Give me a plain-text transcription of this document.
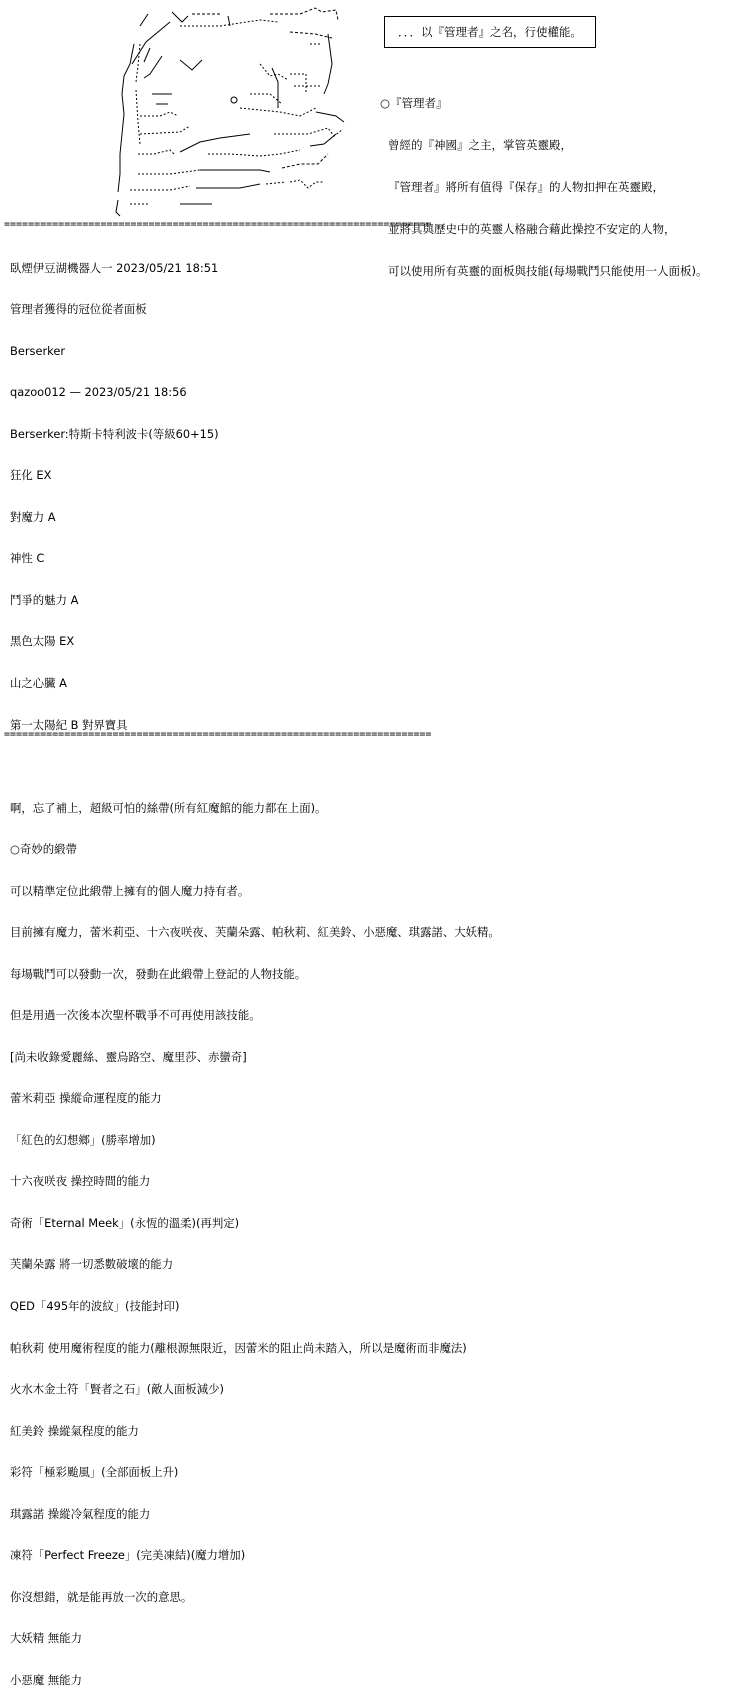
．．．以『管理者』之名，行使權能。

○『管理者』

曾經的『神國』之主，掌管英靈殿，

『管理者』將所有值得『保存』的人物扣押在英靈殿，

並將其與歷史中的英靈人格融合藉此操控不安定的人物，

可以使用所有英靈的面板與技能(每場戰鬥只能使用一人面板)。

=======================================================================
=======================================================================

臥煙伊豆湖機器人一 2023/05/21 18:51

管理者獲得的冠位從者面板

Berserker

qazoo012 — 2023/05/21 18:56

Berserker:特斯卡特利波卡(等級60+15)

狂化 EX

對魔力 A

神性 C

鬥爭的魅力 A

黑色太陽 EX

山之心臟 A

第一太陽紀 B 對界寶具

啊，忘了補上，超級可怕的絲帶(所有紅魔館的能力都在上面)。

○奇妙的緞帶

可以精準定位此緞帶上擁有的個人魔力持有者。

目前擁有魔力，蕾米莉亞、十六夜咲夜、芙蘭朵露、帕秋莉、紅美鈴、小惡魔、琪露諾、大妖精。

每場戰鬥可以發動一次，發動在此緞帶上登記的人物技能。

但是用過一次後本次聖杯戰爭不可再使用該技能。

[尚未收錄愛麗絲、靈烏路空、魔里莎、赤蠻奇]

蕾米莉亞 操縱命運程度的能力

「紅色的幻想鄉」(勝率增加)

十六夜咲夜 操控時間的能力

奇術「Eternal Meek」(永恆的溫柔)(再判定)

芙蘭朵露 將一切悉數破壞的能力

QED「495年的波紋」(技能封印)

帕秋莉 使用魔術程度的能力(離根源無限近，因蕾米的阻止尚未踏入，所以是魔術而非魔法)

火水木金土符「賢者之石」(敵人面板減少)

紅美鈴 操縱氣程度的能力

彩符「極彩颱風」(全部面板上升)

琪露諾 操縱冷氣程度的能力

凍符「Perfect Freeze」(完美凍結)(魔力增加)

你沒想錯，就是能再放一次的意思。

大妖精 無能力

小惡魔 無能力
